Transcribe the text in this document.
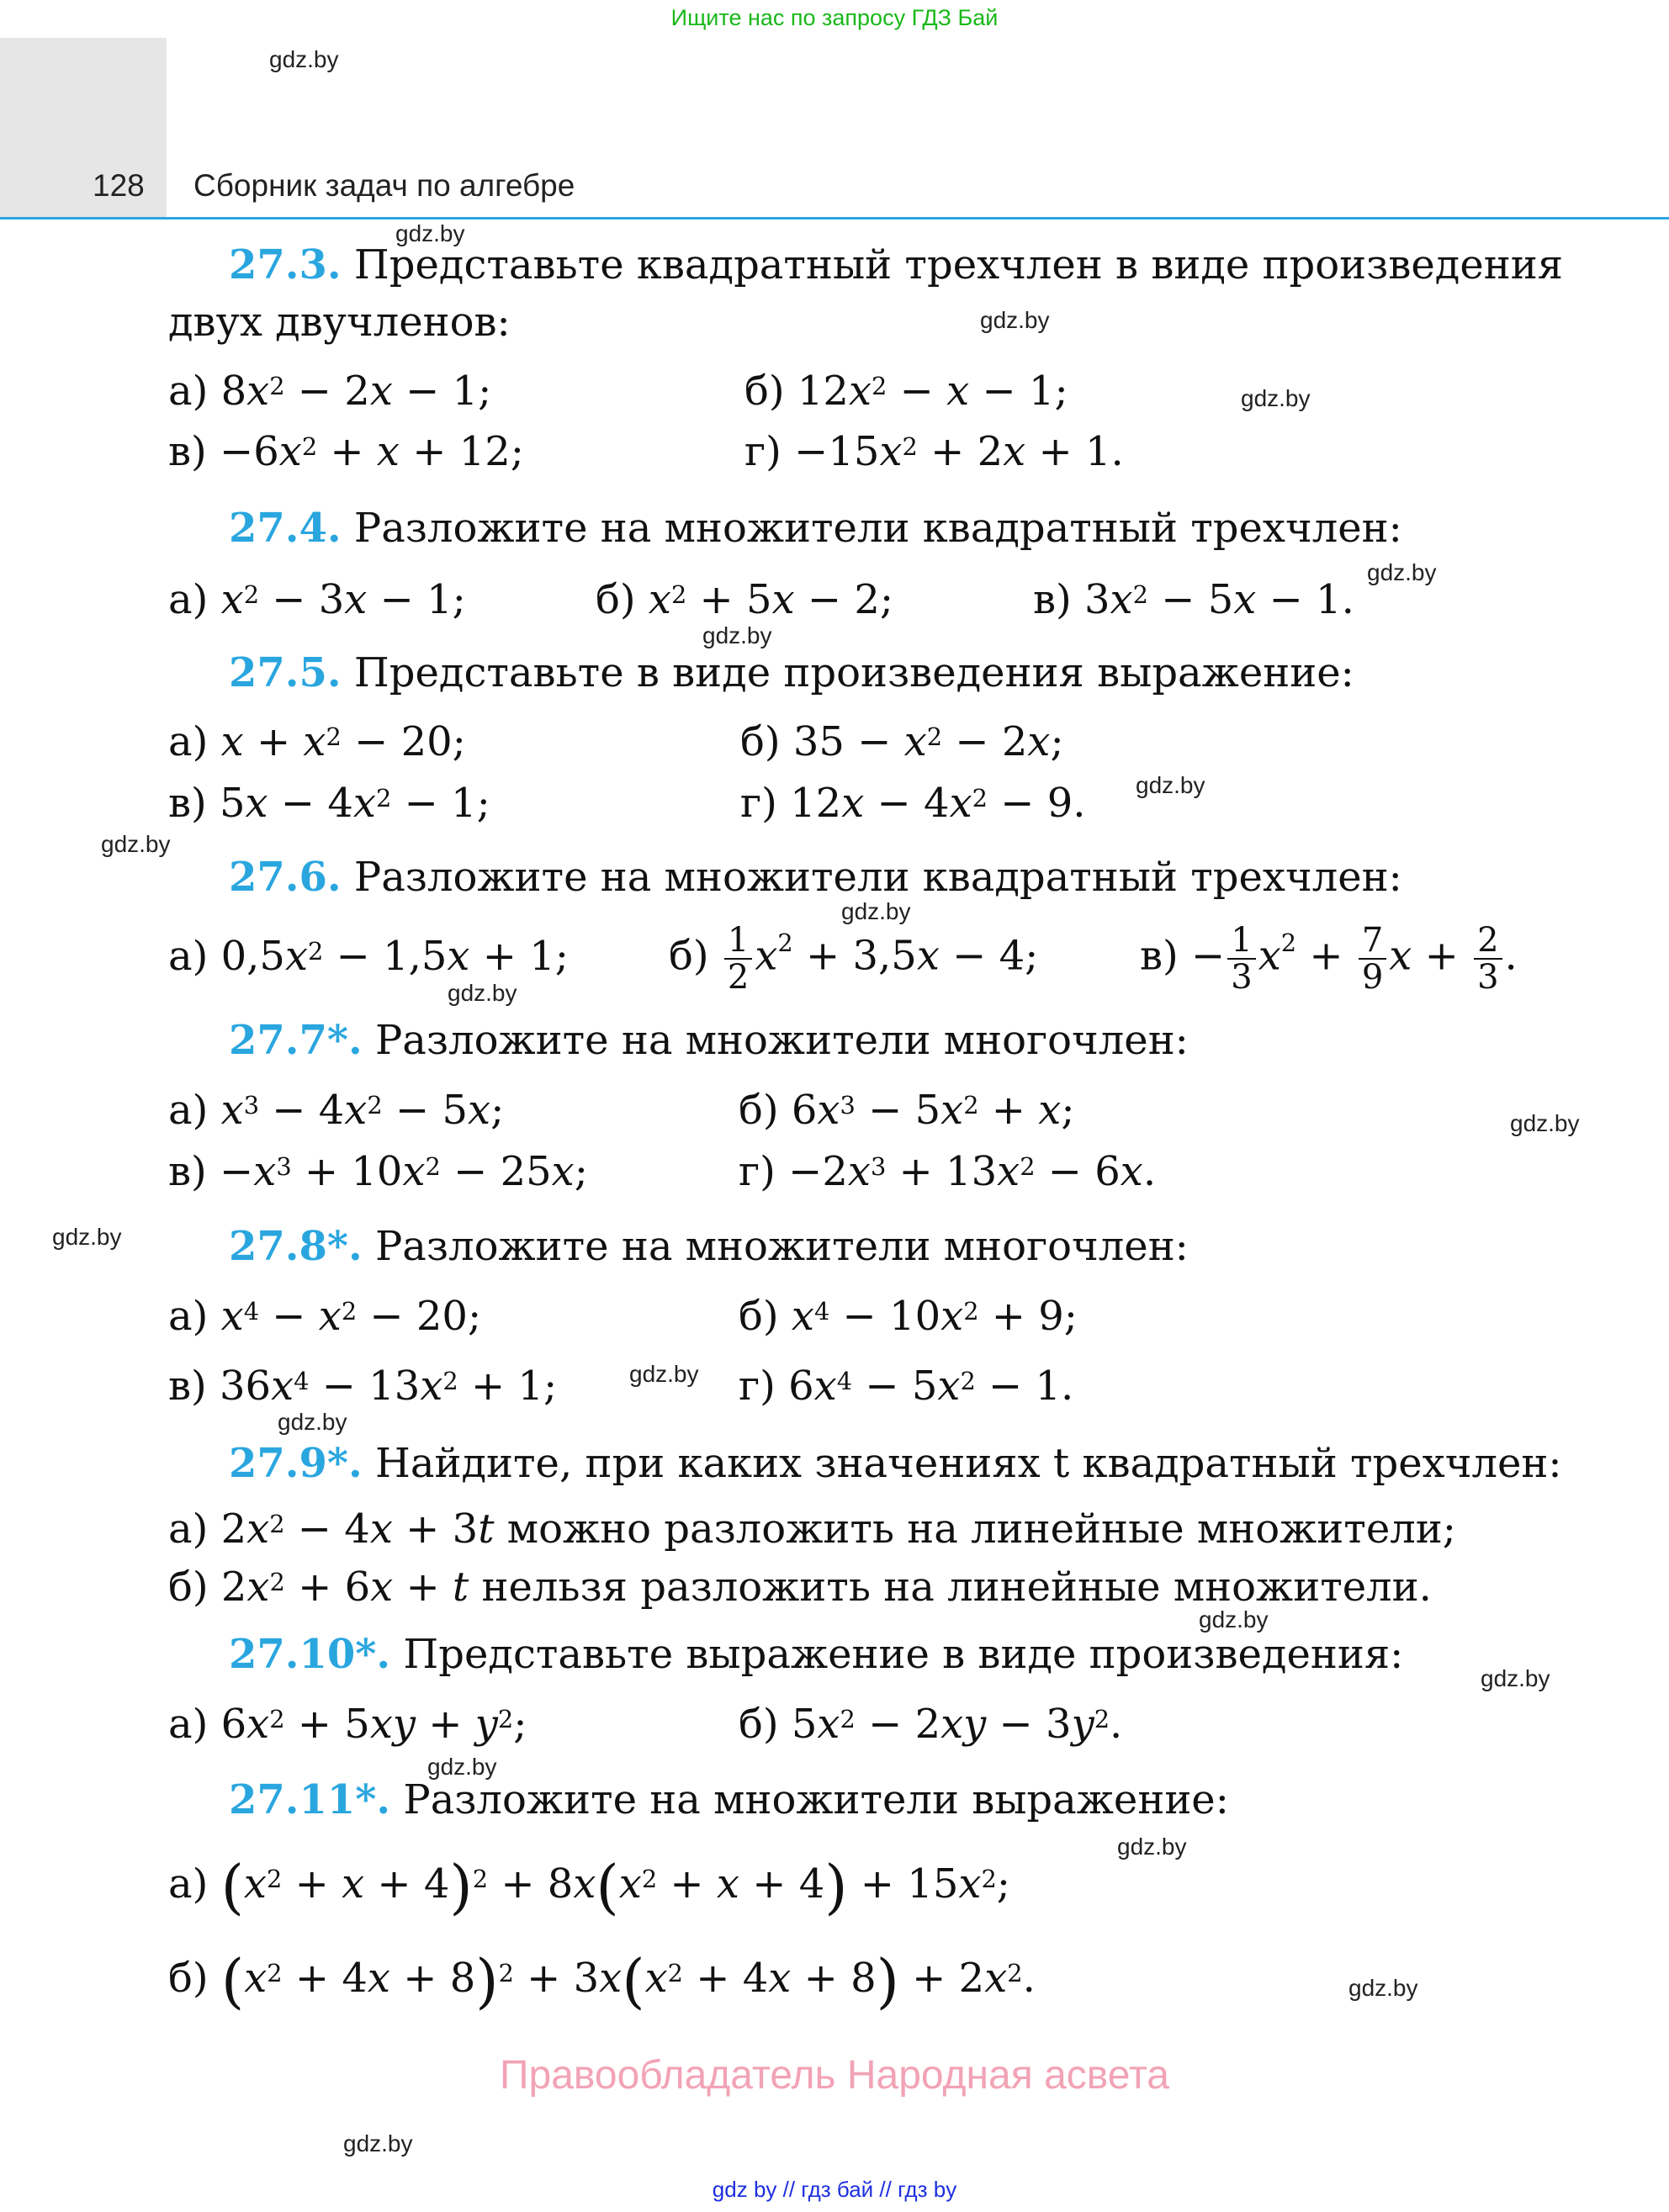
Ищите нас по запросу ГДЗ Бай
128 Сборник задач по алгебре
gdz.by
gdz.by
gdz.by
gdz.by
gdz.by
gdz.by
gdz.by
gdz.by
gdz.by
gdz.by
gdz.by
gdz.by
gdz.by
gdz.by
gdz.by
gdz.by
gdz.by
gdz.by
gdz.by
gdz.by
27.3. Представьте квадратный трехчлен в виде произведения
двух двучленов:
а) $8x^2 - 2x - 1$;	б) $12x^2 - x - 1$;
$в) -6x^2 + x + 12$;	$г) -15x^2 + 2x + 1$.
27.4. Разложите на множители квадратный трехчлен:
а) $x^2 - 3x - 1$;	б) $x^2 + 5x - 2$;	в) $3x^2 - 5x - 1$.
27.5. Представьте в виде произведения выражение:
а) $x + x^2 - 20$;	б) $35 - x^2 - 2x$;
в) $5x - 4x^2 - 1$;	г) $12x - 4x^2 - 9$.
27.6. Разложите на множители квадратный трехчлен:
а) $0,5x^2 - 1,5x + 1$; $б) \frac{1}{2} x^2 + 3,5x - 4$;	$в) - \frac{1}{3} x^2 + \frac{7}{9}$ $x + \frac{2}{3}$ .
27.7*. Разложите на множители многочлен:
а) $x^3 - 4x^2 - 5x$;	б) $6x^3 - 5x^2 + x$;
$в) -x^3 + 10x^2 - 25x$;	$г) -2x^3 + 13x^2 - 6x$.
27.8*. Разложите на множители многочлен:
а) $x^4 - x^2 - 20$;	б) $x^4 - 10x^2 + 9$;
в) $36x^4 - 13x^2 + 1$;	г) $6x^4 - 5x^2 - 1$.
27.9*. Найдите, при каких значениях t квадратный трехчлен:
а) $2x^2 - 4x + 3t$ можно разложить на линейные множители;
б) $2x^2 + 6x + t$ нельзя разложить на линейные множители.
27.10*. Представьте выражение в виде произведения:
а) $6x^2 + 5xy + y^2$;	б) $5x^2 - 2xy - 3y^2$.
27.11*. Разложите на множители выражение:
а) $(x^2 + x + 4)^2 + 8x(x^2 + x + 4) + 15x^2$;
б) $(x^2 + 4x + 8)^2 + 3x(x^2 + 4x + 8) + 2x^2$.
Правообладатель Народная асвета
gdz by // гдз бай // гдз by
